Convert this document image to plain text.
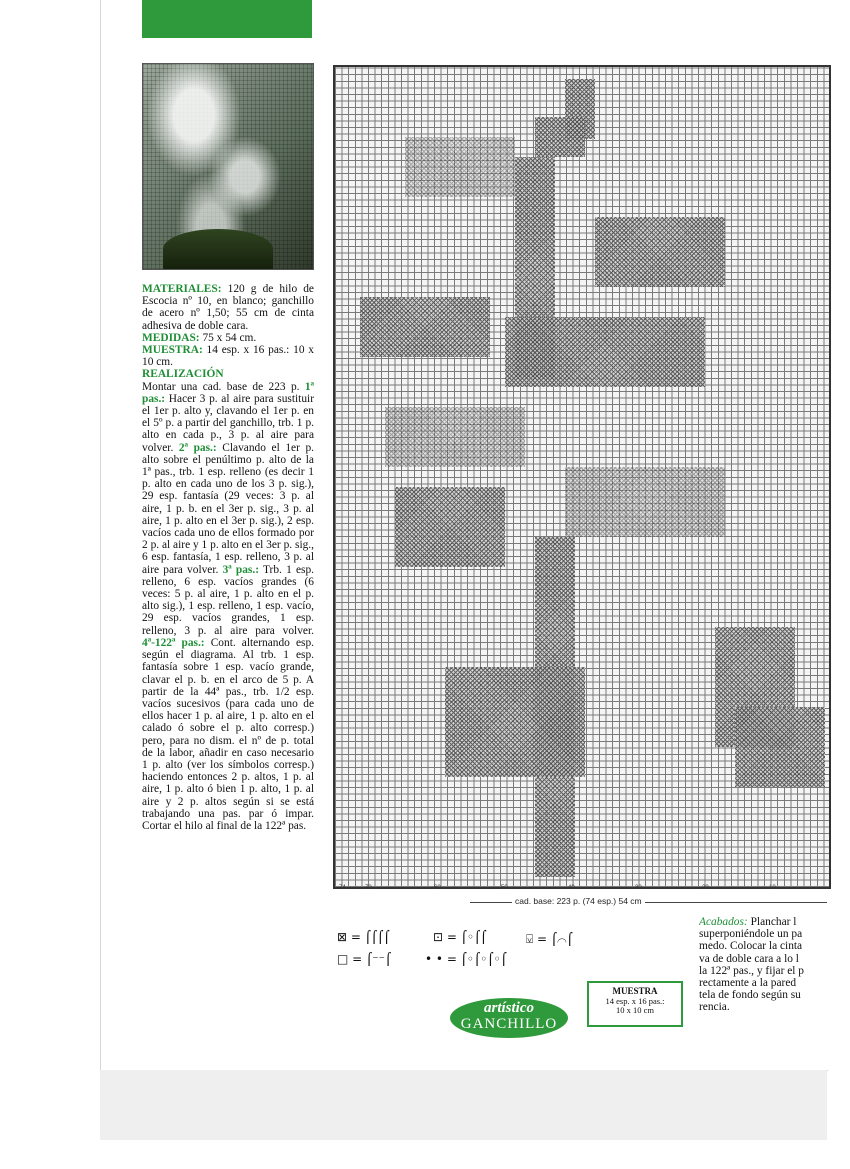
MATERIALES: 120 g de hilo de Escocia nº 10, en blanco; ganchillo de acero nº 1,50; 55 cm de cinta adhesiva de doble cara.

MEDIDAS: 75 x 54 cm.

MUESTRA: 14 esp. x 16 pas.: 10 x 10 cm.

REALIZACIÓN

Montar una cad. base de 223 p. 1ª pas.: Hacer 3 p. al aire para sustituir el 1er p. alto y, clavando el 1er p. en el 5º p. a partir del ganchillo, trb. 1 p. alto en cada p., 3 p. al aire para volver. 2ª pas.: Clavando el 1er p. alto sobre el penúltimo p. alto de la 1ª pas., trb. 1 esp. relleno (es decir 1 p. alto en cada uno de los 3 p. sig.), 29 esp. fantasía (29 veces: 3 p. al aire, 1 p. b. en el 3er p. sig., 3 p. al aire, 1 p. alto en el 3er p. sig.), 2 esp. vacíos cada uno de ellos formado por 2 p. al aire y 1 p. alto en el 3er p. sig., 6 esp. fantasía, 1 esp. relleno, 3 p. al aire para volver. 3ª pas.: Trb. 1 esp. relleno, 6 esp. vacíos grandes (6 veces: 5 p. al aire, 1 p. alto en el p. alto sig.), 1 esp. relleno, 1 esp. vacío, 29 esp. vacíos grandes, 1 esp. relleno, 3 p. al aire para volver. 4ª-122ª pas.: Cont. alternando esp. según el diagrama. Al trb. 1 esp. fantasía sobre 1 esp. vacío grande, clavar el p. b. en el arco de 5 p. A partir de la 44ª pas., trb. 1/2 esp. vacíos sucesivos (para cada uno de ellos hacer 1 p. al aire, 1 p. alto en el calado ó sobre el p. alto corresp.) pero, para no dism. el nº de p. total de la labor, añadir en caso necesario 1 p. alto (ver los símbolos corresp.) haciendo entonces 2 p. altos, 1 p. al aire, 1 p. alto ó bien 1 p. alto, 1 p. al aire y 2 p. altos según si se está trabajando una pas. par ó impar. Cortar el hilo al final de la 122ª pas.

74	70	60	50	40	30	20	10
cad. base: 223 p. (74 esp.) 54 cm
⊠ = ⌠⌠⌠⌠	⊡ = ⌠◦⌠⌠	⍌ = ⌠⌒⌠
□ = ⌠⁻⁻⌠	• • = ⌠◦⌠◦⌠◦⌠
artístico
GANCHILLO
MUESTRA
14 esp. x 16 pas.:
10 x 10 cm
Acabados: Planchar l
superponiéndole un pa
medo. Colocar la cinta
va de doble cara a lo l
la 122ª pas., y fijar el p
rectamente a la pared
tela de fondo según su
rencia.
